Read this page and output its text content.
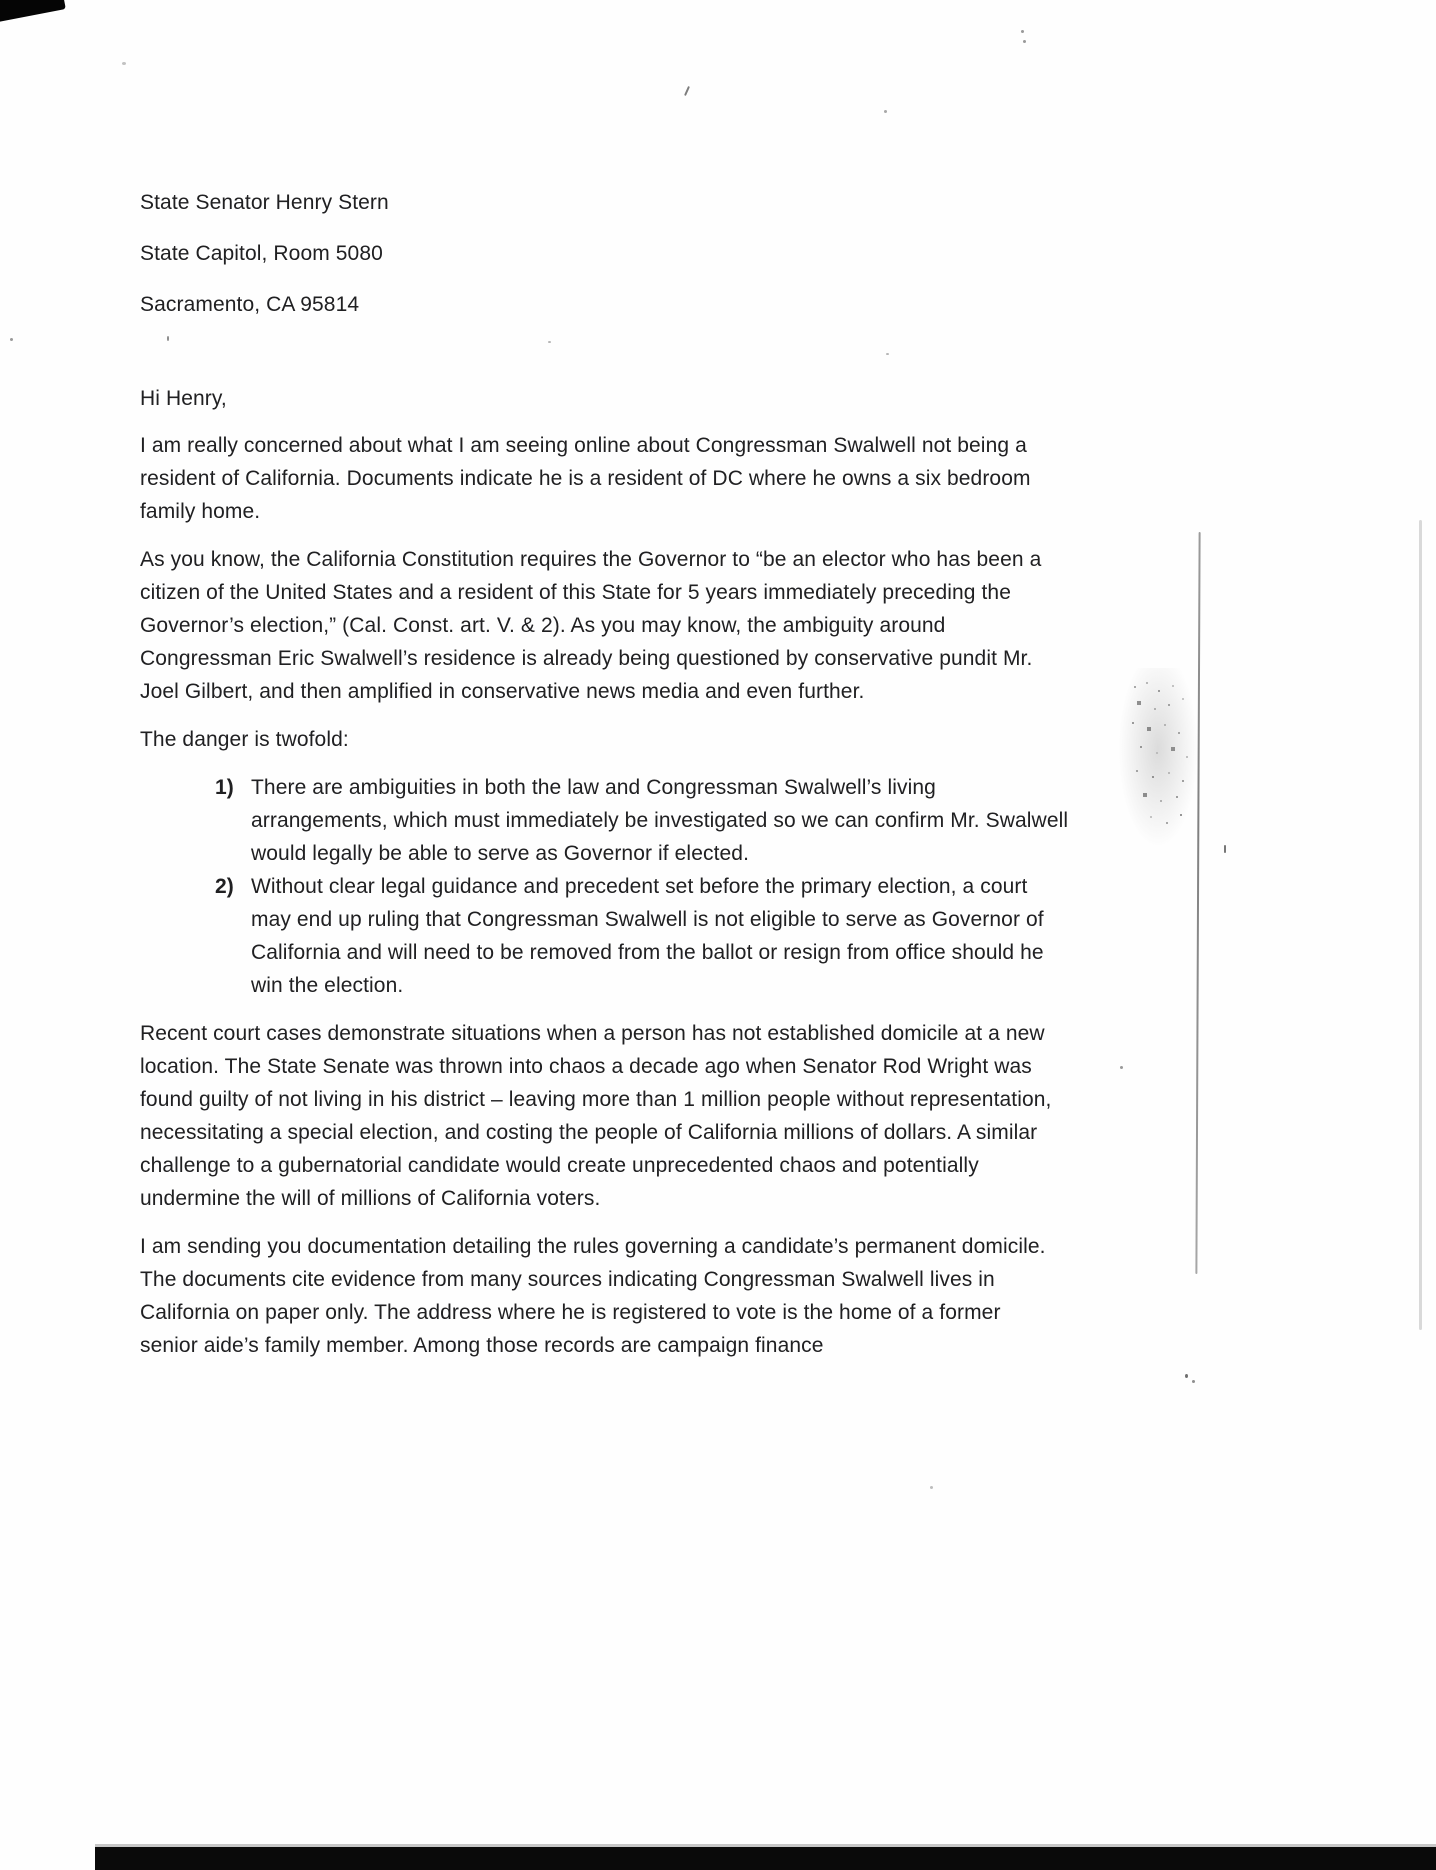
State Senator Henry Stern
State Capitol, Room 5080
Sacramento, CA 95814

Hi Henry,

I am really concerned about what I am seeing online about Congressman Swalwell not being a resident of California. Documents indicate he is a resident of DC where he owns a six bedroom family home.

As you know, the California Constitution requires the Governor to “be an elector who has been a citizen of the United States and a resident of this State for 5 years immediately preceding the Governor’s election,” (Cal. Const. art. V. & 2). As you may know, the ambiguity around Congressman Eric Swalwell’s residence is already being questioned by conservative pundit Mr. Joel Gilbert, and then amplified in conservative news media and even further.

The danger is twofold:

1) There are ambiguities in both the law and Congressman Swalwell’s living arrangements, which must immediately be investigated so we can confirm Mr. Swalwell would legally be able to serve as Governor if elected.
2) Without clear legal guidance and precedent set before the primary election, a court may end up ruling that Congressman Swalwell is not eligible to serve as Governor of California and will need to be removed from the ballot or resign from office should he win the election.

Recent court cases demonstrate situations when a person has not established domicile at a new location. The State Senate was thrown into chaos a decade ago when Senator Rod Wright was found guilty of not living in his district – leaving more than 1 million people without representation, necessitating a special election, and costing the people of California millions of dollars. A similar challenge to a gubernatorial candidate would create unprecedented chaos and potentially undermine the will of millions of California voters.

I am sending you documentation detailing the rules governing a candidate’s permanent domicile. The documents cite evidence from many sources indicating Congressman Swalwell lives in California on paper only. The address where he is registered to vote is the home of a former senior aide’s family member. Among those records are campaign finance
